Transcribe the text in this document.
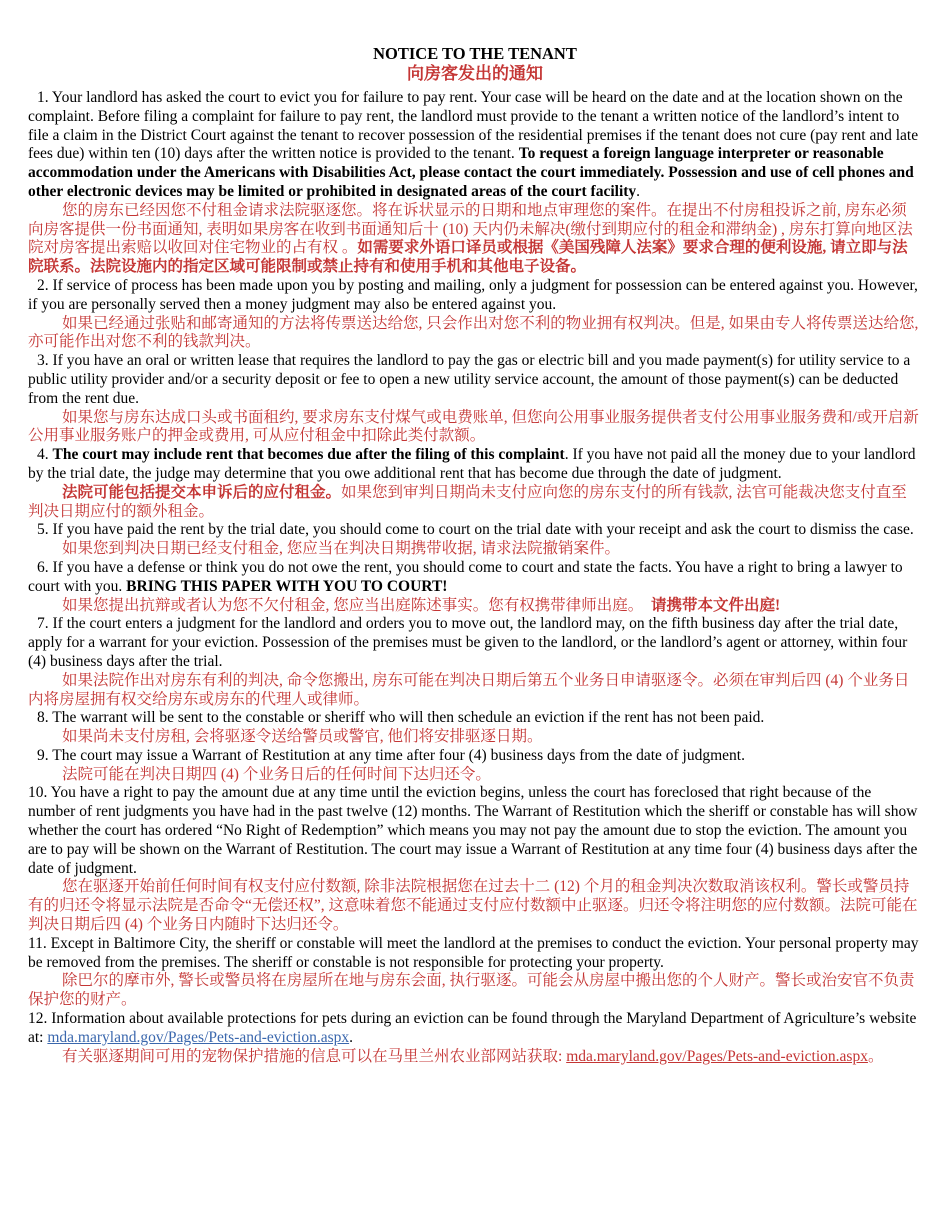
NOTICE TO THE TENANT
向房客发出的通知

1. Your landlord has asked the court to evict you for failure to pay rent. Your case will be heard on the date and at the location shown on the complaint. Before filing a complaint for failure to pay rent, the landlord must provide to the tenant a written notice of the landlord’s intent to file a claim in the District Court against the tenant to recover possession of the residential premises if the tenant does not cure (pay rent and late fees due) within ten (10) days after the written notice is provided to the tenant. To request a foreign language interpreter or reasonable accommodation under the Americans with Disabilities Act, please contact the court immediately. Possession and use of cell phones and other electronic devices may be limited or prohibited in designated areas of the court facility.

您的房东已经因您不付租金请求法院驱逐您。将在诉状显示的日期和地点审理您的案件。在提出不付房租投诉之前, 房东必须向房客提供一份书面通知, 表明如果房客在收到书面通知后十 (10) 天内仍未解决(缴付到期应付的租金和滞纳金) , 房东打算向地区法院对房客提出索赔以收回对住宅物业的占有权 。如需要求外语口译员或根据《美国残障人法案》要求合理的便利设施, 请立即与法院联系。法院设施内的指定区域可能限制或禁止持有和使用手机和其他电子设备。

2. If service of process has been made upon you by posting and mailing, only a judgment for possession can be entered against you. However, if you are personally served then a money judgment may also be entered against you.

如果已经通过张贴和邮寄通知的方法将传票送达给您, 只会作出对您不利的物业拥有权判决。但是, 如果由专人将传票送达给您, 亦可能作出对您不利的钱款判决。

3. If you have an oral or written lease that requires the landlord to pay the gas or electric bill and you made payment(s) for utility service to a public utility provider and/or a security deposit or fee to open a new utility service account, the amount of those payment(s) can be deducted from the rent due.

如果您与房东达成口头或书面租约, 要求房东支付煤气或电费账单, 但您向公用事业服务提供者支付公用事业服务费和/或开启新公用事业服务账户的押金或费用, 可从应付租金中扣除此类付款额。

4. The court may include rent that becomes due after the filing of this complaint. If you have not paid all the money due to your landlord by the trial date, the judge may determine that you owe additional rent that has become due through the date of judgment.

法院可能包括提交本申诉后的应付租金。如果您到审判日期尚未支付应向您的房东支付的所有钱款, 法官可能裁决您支付直至判决日期应付的额外租金。

5. If you have paid the rent by the trial date, you should come to court on the trial date with your receipt and ask the court to dismiss the case.

如果您到判决日期已经支付租金, 您应当在判决日期携带收据, 请求法院撤销案件。

6. If you have a defense or think you do not owe the rent, you should come to court and state the facts. You have a right to bring a lawyer to court with you. BRING THIS PAPER WITH YOU TO COURT!

如果您提出抗辩或者认为您不欠付租金, 您应当出庭陈述事实。您有权携带律师出庭。　请携带本文件出庭!

7. If the court enters a judgment for the landlord and orders you to move out, the landlord may, on the fifth business day after the trial date, apply for a warrant for your eviction. Possession of the premises must be given to the landlord, or the landlord’s agent or attorney, within four (4) business days after the trial.

如果法院作出对房东有利的判决, 命令您搬出, 房东可能在判决日期后第五个业务日申请驱逐令。必须在审判后四 (4) 个业务日内将房屋拥有权交给房东或房东的代理人或律师。

8. The warrant will be sent to the constable or sheriff who will then schedule an eviction if the rent has not been paid.

如果尚未支付房租, 会将驱逐令送给警员或警官, 他们将安排驱逐日期。

9. The court may issue a Warrant of Restitution at any time after four (4) business days from the date of judgment.

法院可能在判决日期四 (4) 个业务日后的任何时间下达归还令。

10. You have a right to pay the amount due at any time until the eviction begins, unless the court has foreclosed that right because of the number of rent judgments you have had in the past twelve (12) months. The Warrant of Restitution which the sheriff or constable has will show whether the court has ordered “No Right of Redemption” which means you may not pay the amount due to stop the eviction. The amount you are to pay will be shown on the Warrant of Restitution. The court may issue a Warrant of Restitution at any time four (4) business days after the date of judgment.

您在驱逐开始前任何时间有权支付应付数额, 除非法院根据您在过去十二 (12) 个月的租金判决次数取消该权利。警长或警员持有的归还令将显示法院是否命令“无偿还权”, 这意味着您不能通过支付应付数额中止驱逐。归还令将注明您的应付数额。法院可能在判决日期后四 (4) 个业务日内随时下达归还令。

11. Except in Baltimore City, the sheriff or constable will meet the landlord at the premises to conduct the eviction. Your personal property may be removed from the premises. The sheriff or constable is not responsible for protecting your property.

除巴尔的摩市外, 警长或警员将在房屋所在地与房东会面, 执行驱逐。可能会从房屋中搬出您的个人财产。警长或治安官不负责保护您的财产。

12. Information about available protections for pets during an eviction can be found through the Maryland Department of Agriculture’s website at: mda.maryland.gov/Pages/Pets-and-eviction.aspx.

有关驱逐期间可用的宠物保护措施的信息可以在马里兰州农业部网站获取: mda.maryland.gov/Pages/Pets-and-eviction.aspx。
